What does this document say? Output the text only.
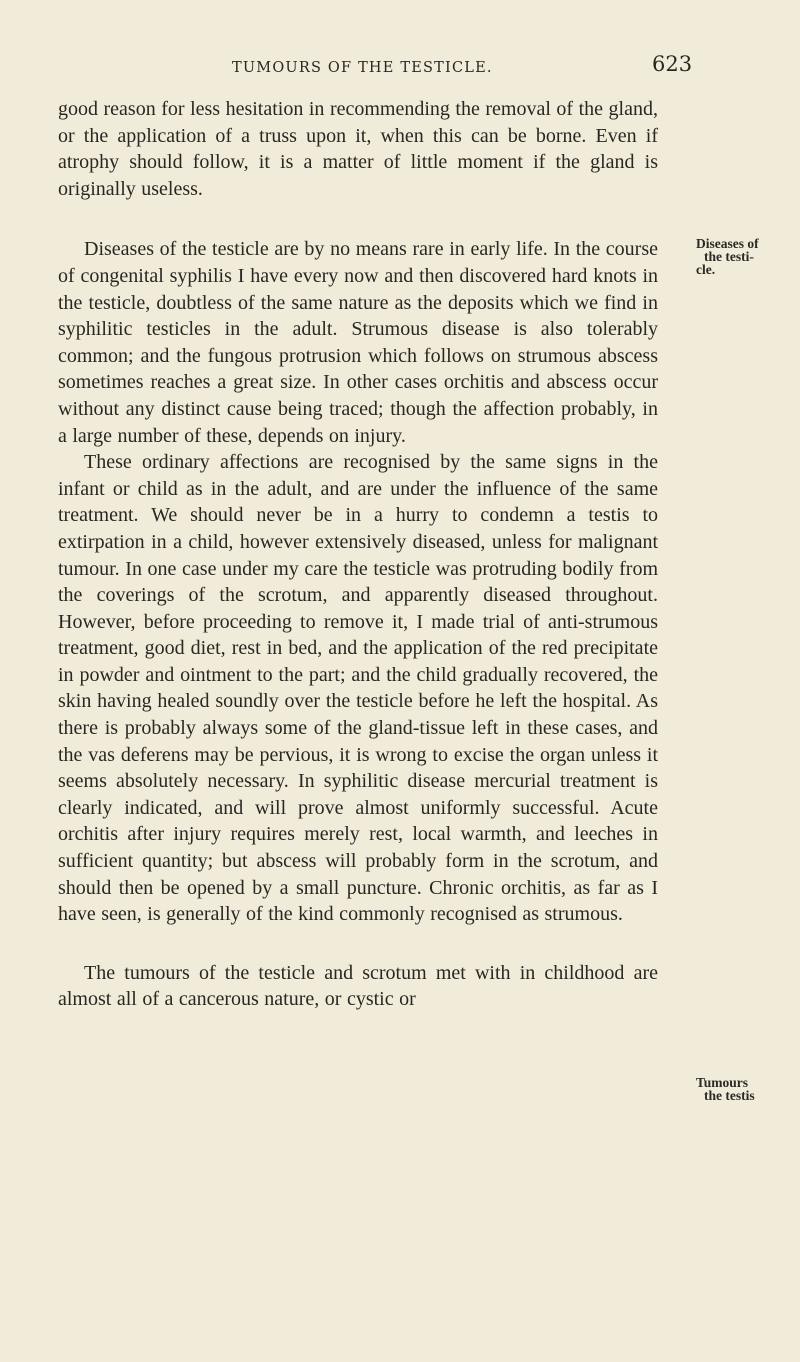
TUMOURS OF THE TESTICLE.	623

good reason for less hesitation in recommending the removal of the gland, or the application of a truss upon it, when this can be borne. Even if atrophy should follow, it is a matter of little moment if the gland is originally useless.

Diseases of the testicle are by no means rare in early life. In the course of congenital syphilis I have every now and then discovered hard knots in the testicle, doubtless of the same nature as the deposits which we find in syphilitic testicles in the adult. Strumous disease is also tolerably common; and the fungous protrusion which follows on strumous abscess sometimes reaches a great size. In other cases orchitis and abscess occur without any distinct cause being traced; though the affection probably, in a large number of these, depends on injury.

These ordinary affections are recognised by the same signs in the infant or child as in the adult, and are under the influence of the same treatment. We should never be in a hurry to condemn a testis to extirpation in a child, however extensively diseased, unless for malignant tumour. In one case under my care the testicle was protruding bodily from the coverings of the scrotum, and apparently diseased throughout. However, before proceeding to remove it, I made trial of anti-strumous treatment, good diet, rest in bed, and the application of the red precipitate in powder and ointment to the part; and the child gradually recovered, the skin having healed soundly over the testicle before he left the hospital. As there is probably always some of the gland-tissue left in these cases, and the vas deferens may be pervious, it is wrong to excise the organ unless it seems absolutely necessary. In syphilitic disease mercurial treatment is clearly indicated, and will prove almost uniformly successful. Acute orchitis after injury requires merely rest, local warmth, and leeches in sufficient quantity; but abscess will probably form in the scrotum, and should then be opened by a small puncture. Chronic orchitis, as far as I have seen, is generally of the kind commonly recognised as strumous.

The tumours of the testicle and scrotum met with in childhood are almost all of a cancerous nature, or cystic or

Diseases of
the testi-
cle.
Tumours
the testis
